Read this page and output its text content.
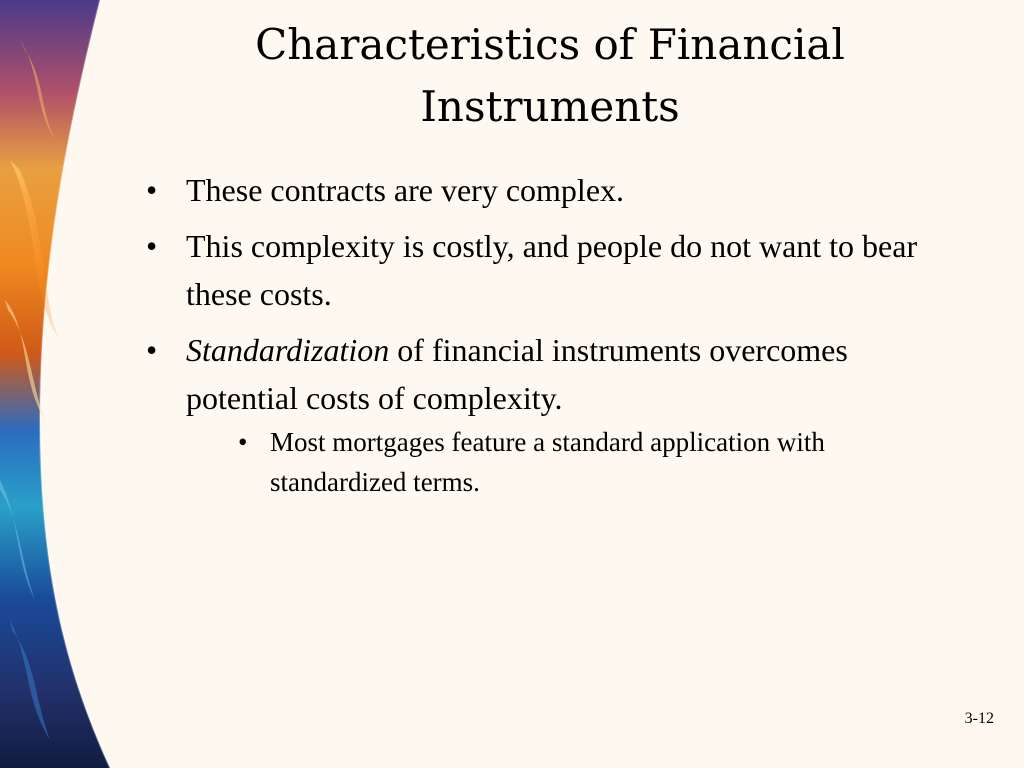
Characteristics of Financial Instruments
• These contracts are very complex.
• This complexity is costly, and people do not want to bear these costs.
• Standardization of financial instruments overcomes potential costs of complexity.
• Most mortgages feature a standard application with standardized terms.
3-12
